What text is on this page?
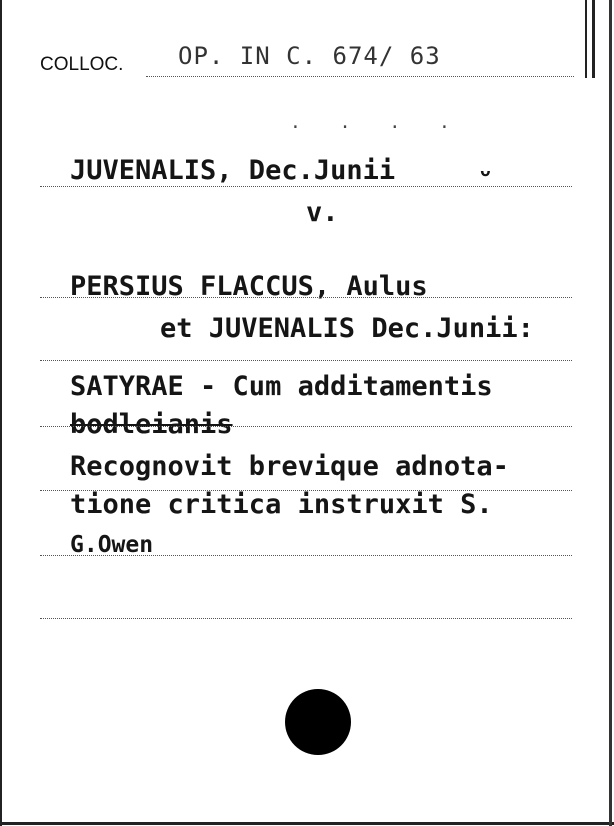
COLLOC. OP. IN C. 674/ 63
. . . .
JUVENALIS, Dec.Junii	ᴗ
v.
PERSIUS FLACCUS, Aulus
et JUVENALIS Dec.Junii:
SATYRAE - Cum additamentis
bodleianis
Recognovit brevique adnota-
tione critica instruxit S.
G.Owen
